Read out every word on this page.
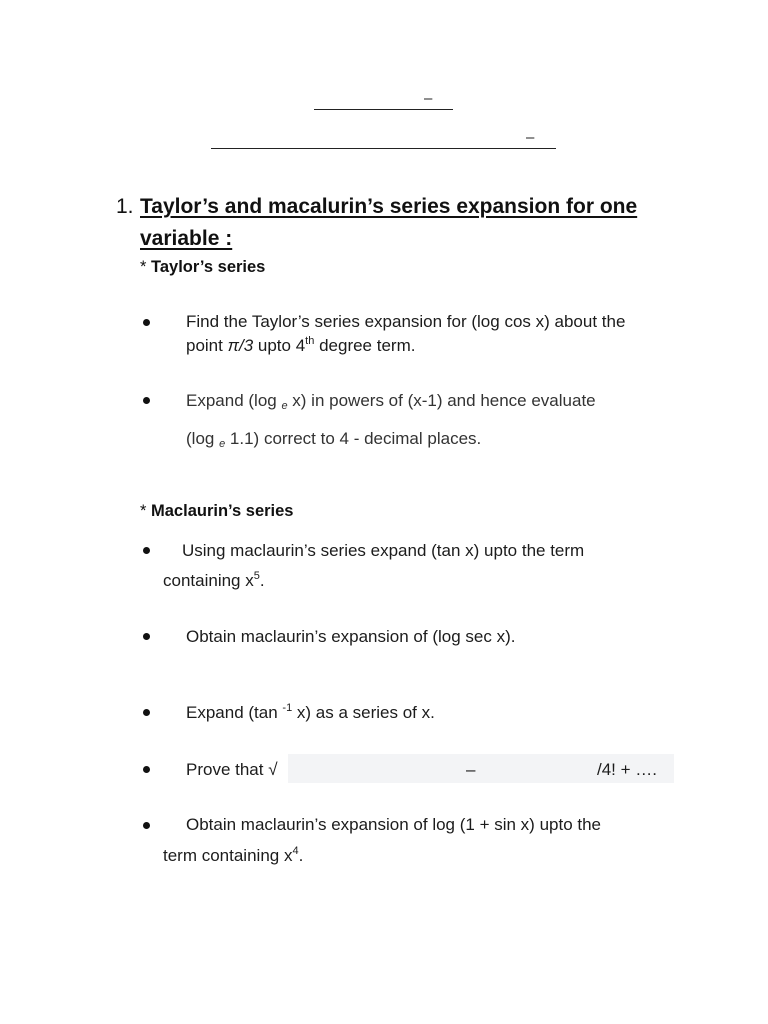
–
–
1. Taylor’s and macalurin’s series expansion for one
variable :
* Taylor’s series
Find the Taylor’s series expansion for (log cos x) about the
point π/3 upto 4th degree term.
Expand (log $_e$ x) in powers of (x-1) and hence evaluate
(log $_e$ 1.1) correct to 4 - decimal places.
* Maclaurin’s series
Using maclaurin’s series expand (tan x) upto the term
containing $x^5$.
Obtain maclaurin’s expansion of (log sec x).
Expand (tan $^{-1}$ x) as a series of x.
Prove that √	–	/4! + ….
Obtain maclaurin’s expansion of log (1 + sin x) upto the
term containing $x^4$.
